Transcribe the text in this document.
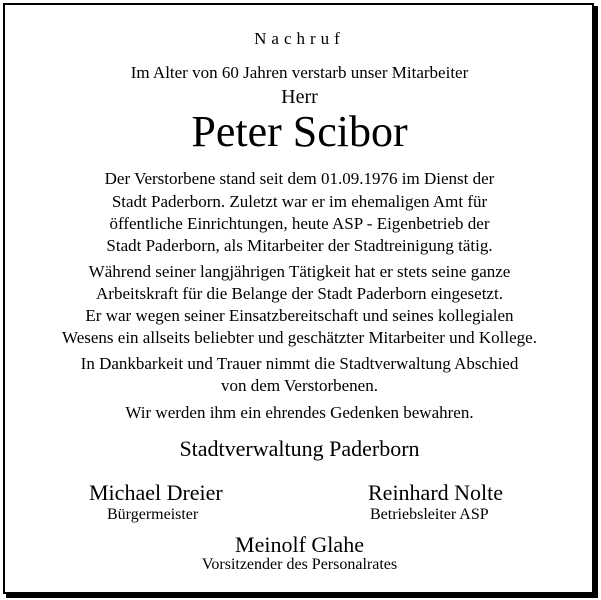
Nachruf
Im Alter von 60 Jahren verstarb unser Mitarbeiter
Herr
Peter Scibor
Der Verstorbene stand seit dem 01.09.1976 im Dienst der
Stadt Paderborn. Zuletzt war er im ehemaligen Amt für
öffentliche Einrichtungen, heute ASP - Eigenbetrieb der
Stadt Paderborn, als Mitarbeiter der Stadtreinigung tätig.
Während seiner langjährigen Tätigkeit hat er stets seine ganze
Arbeitskraft für die Belange der Stadt Paderborn eingesetzt.
Er war wegen seiner Einsatzbereitschaft und seines kollegialen
Wesens ein allseits beliebter und geschätzter Mitarbeiter und Kollege.
In Dankbarkeit und Trauer nimmt die Stadtverwaltung Abschied
von dem Verstorbenen.
Wir werden ihm ein ehrendes Gedenken bewahren.
Stadtverwaltung Paderborn
Michael Dreier
Bürgermeister
Reinhard Nolte
Betriebsleiter ASP
Meinolf Glahe
Vorsitzender des Personalrates
